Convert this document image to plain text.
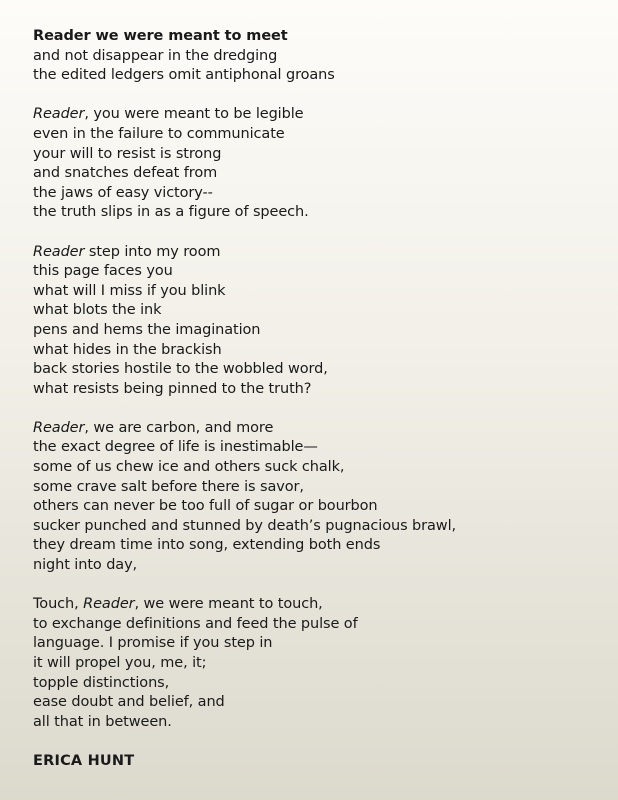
Reader we were meant to meet
and not disappear in the dredging
the edited ledgers omit antiphonal groans
Reader, you were meant to be legible
even in the failure to communicate
your will to resist is strong
and snatches defeat from
the jaws of easy victory--
the truth slips in as a figure of speech.
Reader step into my room
this page faces you
what will I miss if you blink
what blots the ink
pens and hems the imagination
what hides in the brackish
back stories hostile to the wobbled word,
what resists being pinned to the truth?
Reader, we are carbon, and more
the exact degree of life is inestimable—
some of us chew ice and others suck chalk,
some crave salt before there is savor,
others can never be too full of sugar or bourbon
sucker punched and stunned by death’s pugnacious brawl,
they dream time into song, extending both ends
night into day,
Touch, Reader, we were meant to touch,
to exchange definitions and feed the pulse of
language. I promise if you step in
it will propel you, me, it;
topple distinctions,
ease doubt and belief, and
all that in between.
ERICA HUNT
